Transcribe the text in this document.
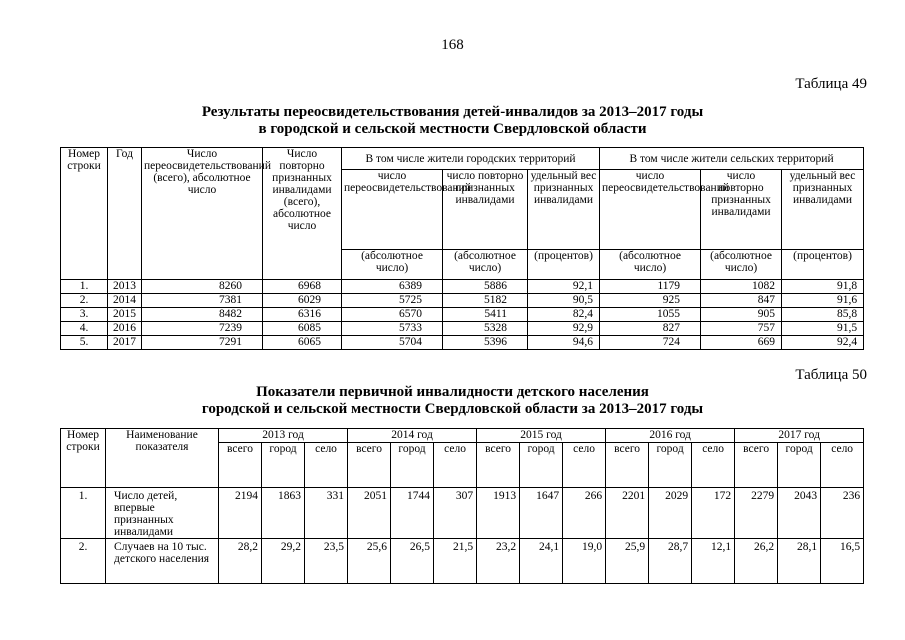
168
Таблица 49
Результаты переосвидетельствования детей-инвалидов за 2013–2017 годы
в городской и сельской местности Свердловской области
Номер строки	Год	Число переосвидетельствований (всего), абсолютное число	Число повторно признанных инвалидами (всего), абсолютное число	В том числе жители городских территорий			В том числе жители сельских территорий		
				число переосвидетельствований	число повторно признанных инвалидами	удельный вес признанных инвалидами	число переосвидетельствований	число повторно признанных инвалидами	удельный вес признанных инвалидами
				(абсолютное число)	(абсолютное число)	(процентов)	(абсолютное число)	(абсолютное число)	(процентов)
1.	2013	8260	6968	6389	5886	92,1	1179	1082	91,8
2.	2014	7381	6029	5725	5182	90,5	925	847	91,6
3.	2015	8482	6316	6570	5411	82,4	1055	905	85,8
4.	2016	7239	6085	5733	5328	92,9	827	757	91,5
5.	2017	7291	6065	5704	5396	94,6	724	669	92,4
Таблица 50
Показатели первичной инвалидности детского населения
городской и сельской местности Свердловской области за 2013–2017 годы
Номер строки	Наименование показателя	2013 год			2014 год			2015 год			2016 год			2017 год		
		всего	город	село	всего	город	село	всего	город	село	всего	город	село	всего	город	село
1.	Число детей, впервые признанных инвалидами	2194	1863	331	2051	1744	307	1913	1647	266	2201	2029	172	2279	2043	236
2.	Случаев на 10 тыс. детского населения	28,2	29,2	23,5	25,6	26,5	21,5	23,2	24,1	19,0	25,9	28,7	12,1	26,2	28,1	16,5
